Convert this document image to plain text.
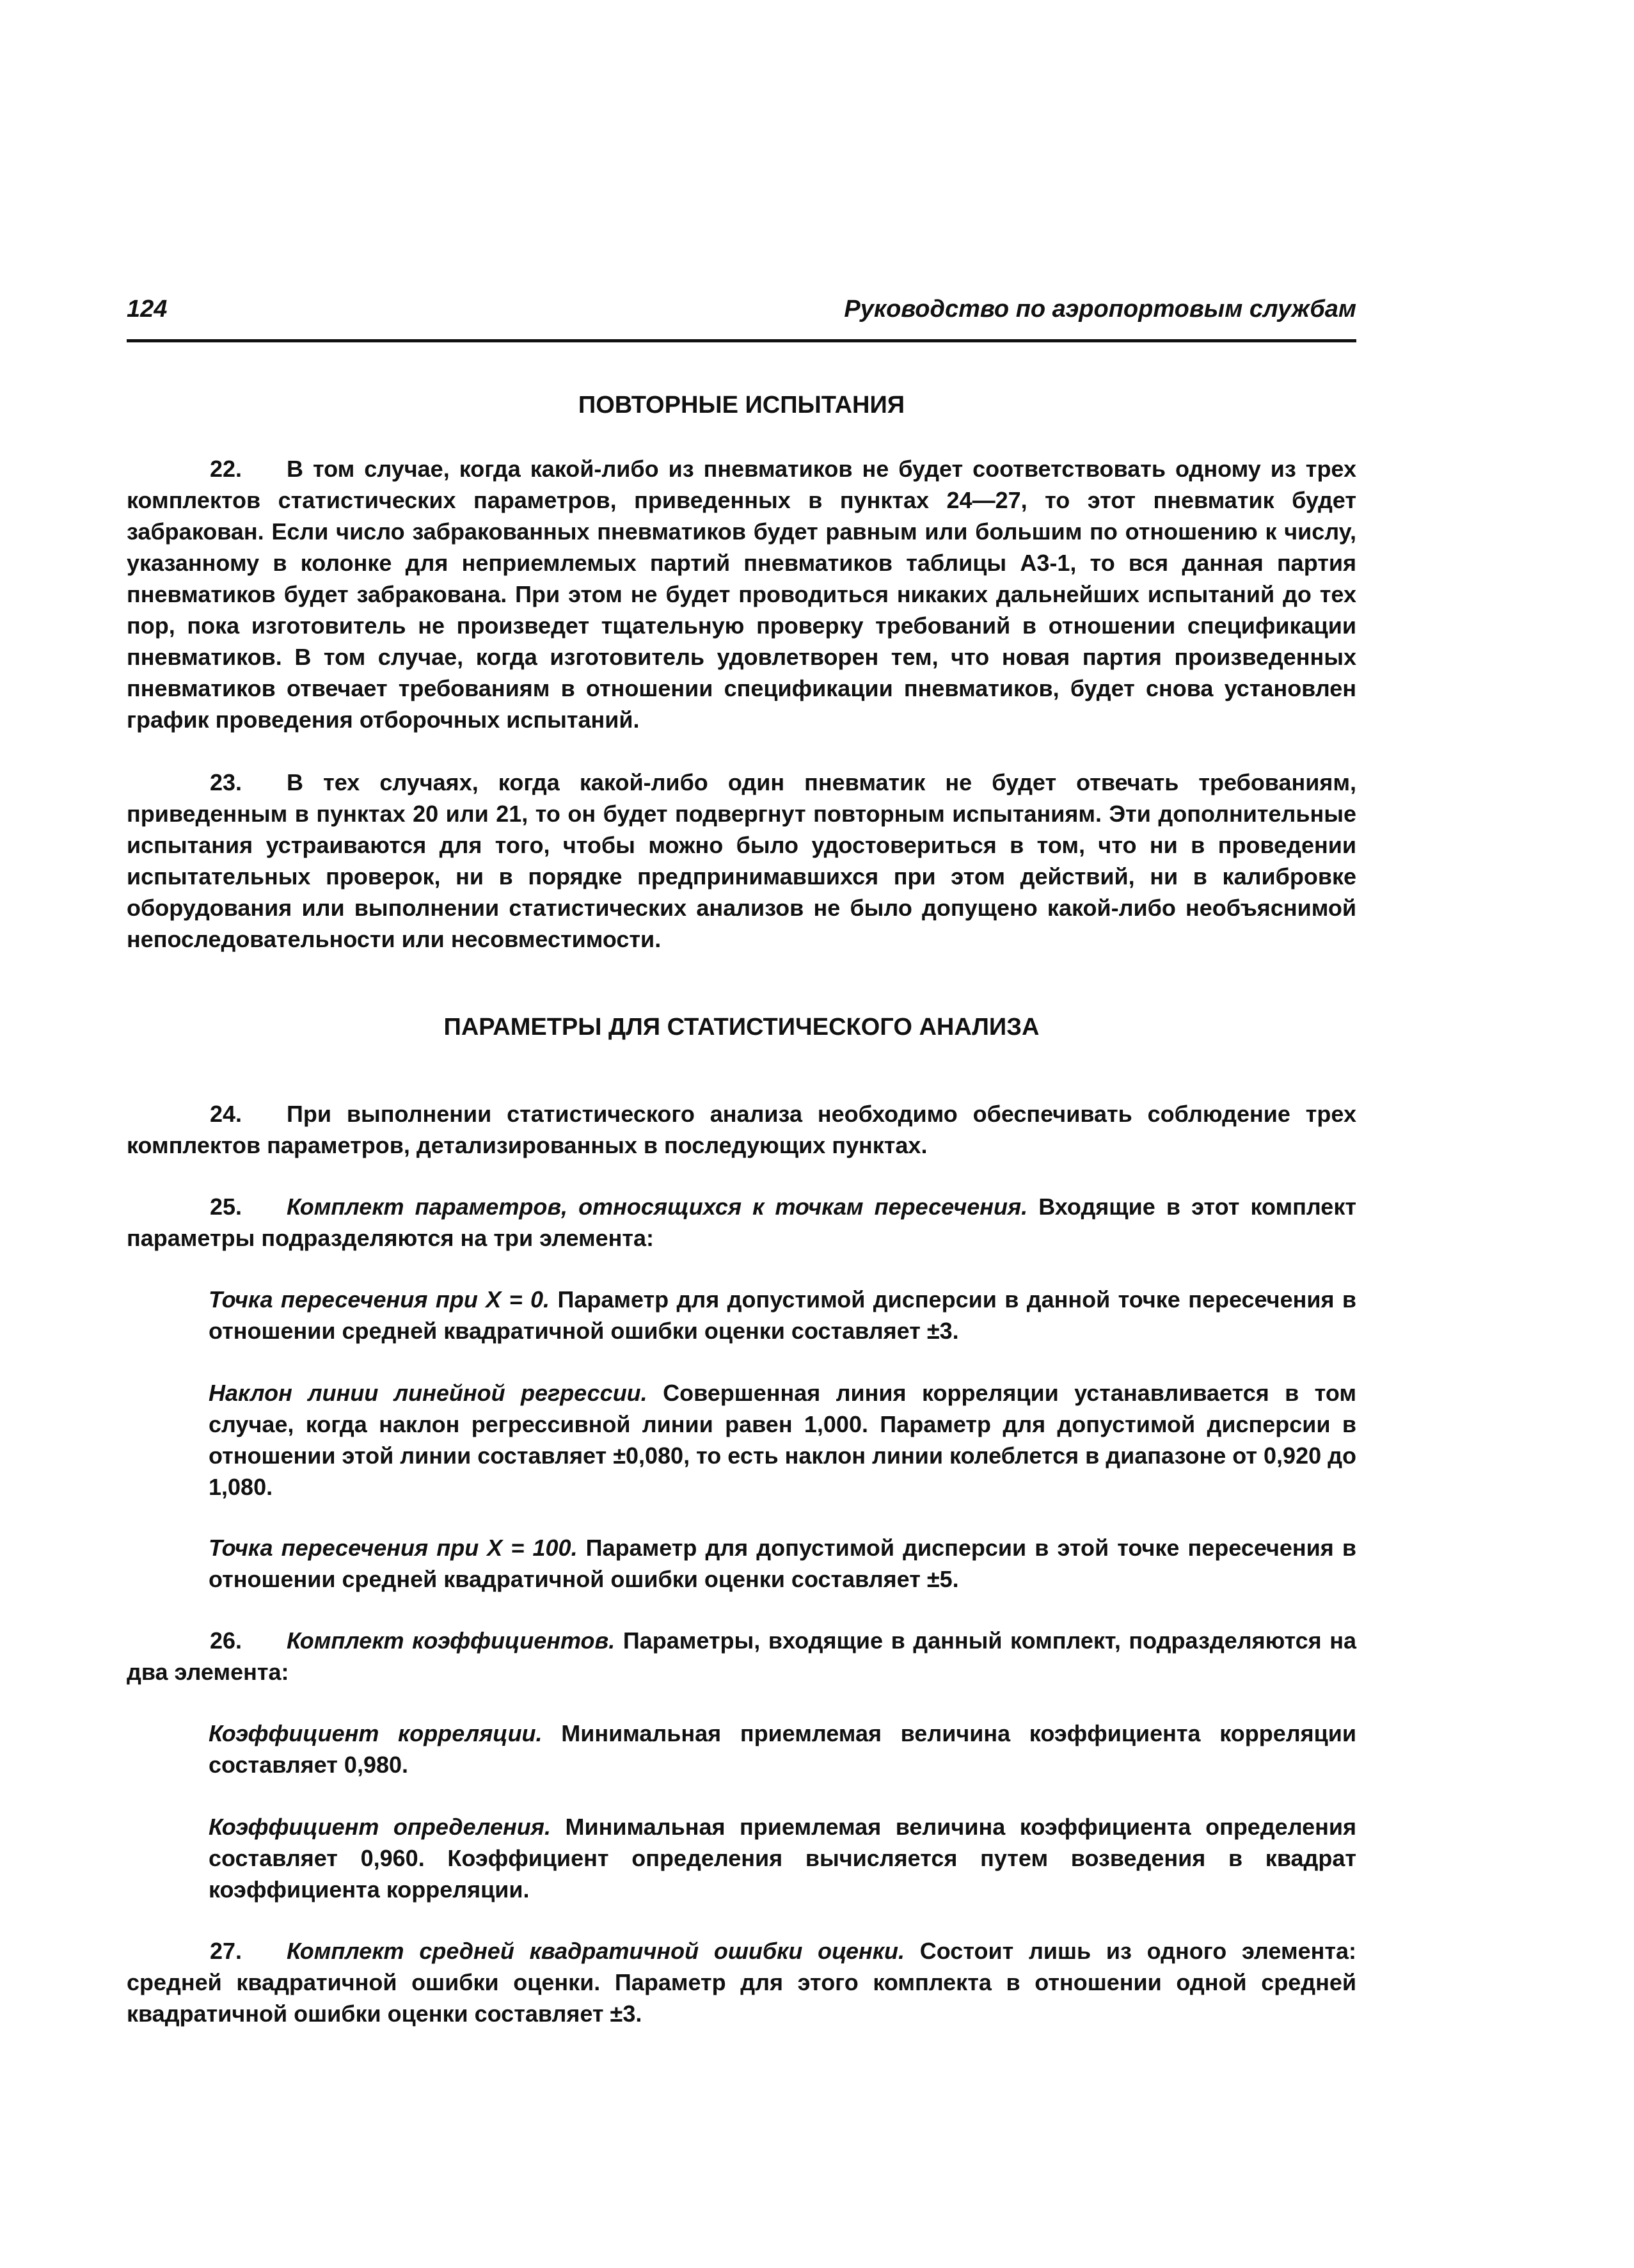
124	Руководство по аэропортовым службам
ПОВТОРНЫЕ ИСПЫТАНИЯ
22. В том случае, когда какой-либо из пневматиков не будет соответствовать одному из трех комплектов статистических параметров, приведенных в пунктах 24—27, то этот пневматик будет забракован. Если число забракованных пневматиков будет равным или большим по отношению к числу, указанному в колонке для неприемлемых партий пневматиков таблицы А3-1, то вся данная партия пневматиков будет забракована. При этом не будет проводиться никаких дальнейших испытаний до тех пор, пока изготовитель не произведет тщательную проверку требований в отношении спецификации пневматиков. В том случае, когда изготовитель удовлетворен тем, что новая партия произведенных пневматиков отвечает требованиям в отношении спецификации пневматиков, будет снова установлен график проведения отборочных испытаний.
23. В тех случаях, когда какой-либо один пневматик не будет отвечать требованиям, приведенным в пунктах 20 или 21, то он будет подвергнут повторным испытаниям. Эти дополнительные испытания устраиваются для того, чтобы можно было удостовериться в том, что ни в проведении испытательных проверок, ни в порядке предпринимавшихся при этом действий, ни в калибровке оборудования или выполнении статистических анализов не было допущено какой-либо необъяснимой непоследовательности или несовместимости.
ПАРАМЕТРЫ ДЛЯ СТАТИСТИЧЕСКОГО АНАЛИЗА
24. При выполнении статистического анализа необходимо обеспечивать соблюдение трех комплектов параметров, детализированных в последующих пунктах.
25. Комплект параметров, относящихся к точкам пересечения. Входящие в этот комплект параметры подразделяются на три элемента:
Точка пересечения при X = 0. Параметр для допустимой дисперсии в данной точке пересечения в отношении средней квадратичной ошибки оценки составляет ±3.
Наклон линии линейной регрессии. Совершенная линия корреляции устанавливается в том случае, когда наклон регрессивной линии равен 1,000. Параметр для допустимой дисперсии в отношении этой линии составляет ±0,080, то есть наклон линии колеблется в диапазоне от 0,920 до 1,080.
Точка пересечения при X = 100. Параметр для допустимой дисперсии в этой точке пересечения в отношении средней квадратичной ошибки оценки составляет ±5.
26. Комплект коэффициентов. Параметры, входящие в данный комплект, подразделяются на два элемента:
Коэффициент корреляции. Минимальная приемлемая величина коэффициента корреляции составляет 0,980.
Коэффициент определения. Минимальная приемлемая величина коэффициента определения составляет 0,960. Коэффициент определения вычисляется путем возведения в квадрат коэффициента корреляции.
27. Комплект средней квадратичной ошибки оценки. Состоит лишь из одного элемента: средней квадратичной ошибки оценки. Параметр для этого комплекта в отношении одной средней квадратичной ошибки оценки составляет ±3.
